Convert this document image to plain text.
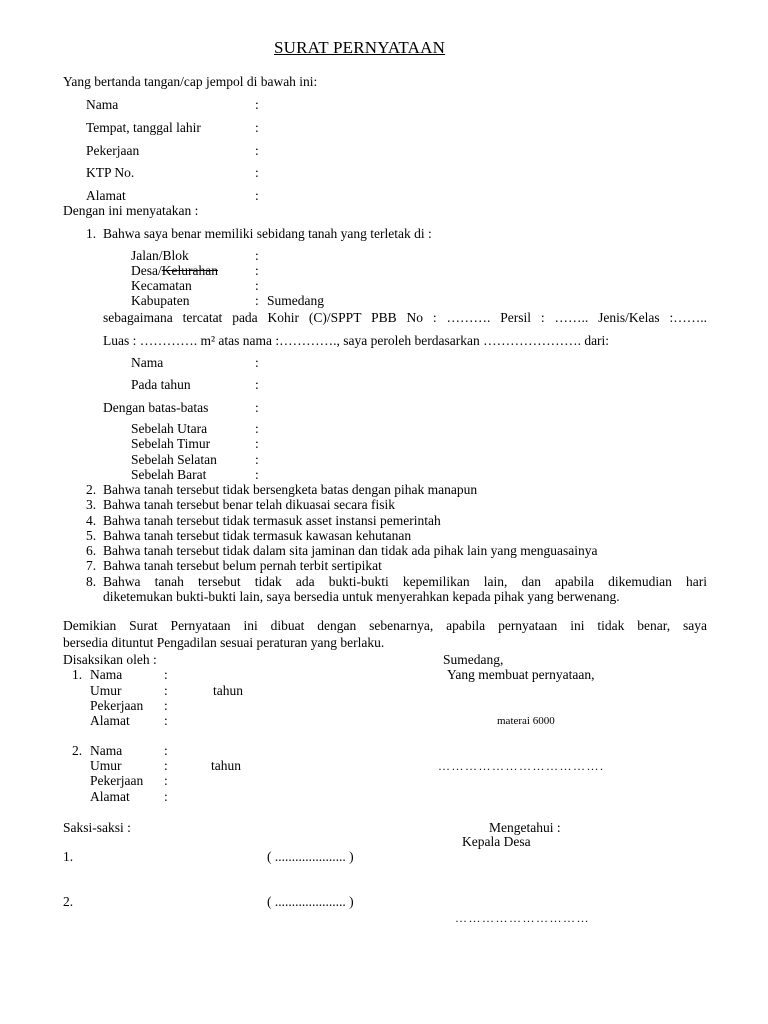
SURAT PERNYATAAN
Yang bertanda tangan/cap jempol di bawah ini:
Nama	:
Tempat, tanggal lahir	:
Pekerjaan	:
KTP No.	:
Alamat	:
Dengan ini menyatakan :
1. Bahwa saya benar memiliki sebidang tanah yang terletak di :
Jalan/Blok	:
Desa/Kelurahan	:
Kecamatan	:
Kabupaten	: Sumedang
sebagaimana tercatat pada Kohir (C)/SPPT PBB No : ………. Persil : …….. Jenis/Kelas :……..
Luas : …………. m² atas nama :…………., saya peroleh berdasarkan …………………. dari:
Nama	:
Pada tahun	:
Dengan batas-batas	:
Sebelah Utara	:
Sebelah Timur	:
Sebelah Selatan	:
Sebelah Barat	:
2. Bahwa tanah tersebut tidak bersengketa batas dengan pihak manapun
3. Bahwa tanah tersebut benar telah dikuasai secara fisik
4. Bahwa tanah tersebut tidak termasuk asset instansi pemerintah
5. Bahwa tanah tersebut tidak termasuk kawasan kehutanan
6. Bahwa tanah tersebut tidak dalam sita jaminan dan tidak ada pihak lain yang menguasainya
7. Bahwa tanah tersebut belum pernah terbit sertipikat
8. Bahwa tanah tersebut tidak ada bukti-bukti kepemilikan lain, dan apabila dikemudian hari
diketemukan bukti-bukti lain, saya bersedia untuk menyerahkan kepada pihak yang berwenang.
Demikian Surat Pernyataan ini dibuat dengan sebenarnya, apabila pernyataan ini tidak benar, saya
bersedia dituntut Pengadilan sesuai peraturan yang berlaku.
Disaksikan oleh :
1. Nama	:
Umur	:	tahun
Pekerjaan :
Alamat	:
2. Nama	:
Umur	:	tahun
Pekerjaan :
Alamat	:
Sumedang,
Yang membuat pernyataan,
materai 6000
……………………………….
Saksi-saksi :
1.	( ..................... )
2.	( ..................... )
Mengetahui :
Kepala Desa
…………………………
